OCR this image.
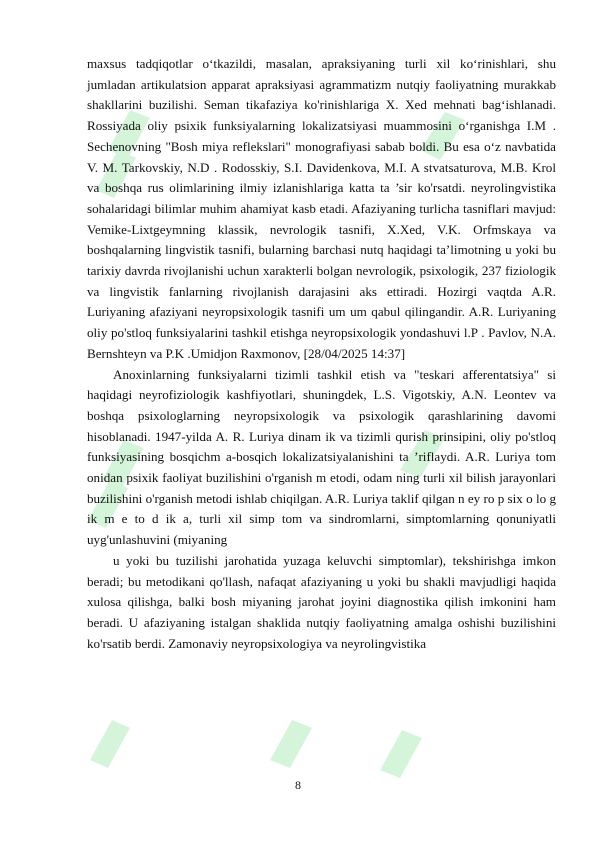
maxsus tadqiqotlar o‘tkazildi, masalan, apraksiyaning turli xil ko‘rinishlari, shu jumladan artikulatsion apparat apraksiyasi agrammatizm nutqiy faoliyatning murakkab shakllarini buzilishi. Seman tikafaziya ko'rinishlariga X. Xed mehnati bag‘ishlanadi. Rossiyada oliy psixik funksiyalarning lokalizatsiyasi muammosini o‘rganishga I.M . Sechenovning "Bosh miya reflekslari" monografiyasi sabab boldi. Bu esa o‘z navbatida V. M. Tarkovskiy, N.D . Rodosskiy, S.I. Davidenkova, M.I. A stvatsaturova, M.B. Krol va boshqa rus olimlarining ilmiy izlanishlariga katta ta ’sir ko'rsatdi. neyrolingvistika sohalaridagi bilimlar muhim ahamiyat kasb etadi. Afaziyaning turlicha tasniflari mavjud: Vemike-Lixtgeymning klassik, nevrologik tasnifi, X.Xed, V.K. Orfmskaya va boshqalarning lingvistik tasnifi, bularning barchasi nutq haqidagi ta’limotning u yoki bu tarixiy davrda rivojlanishi uchun xarakterli bolgan nevrologik, psixologik, 237 fiziologik va lingvistik fanlarning rivojlanish darajasini aks ettiradi. Hozirgi vaqtda A.R. Luriyaning afaziyani neyropsixologik tasnifi um um qabul qilingandir. A.R. Luriyaning oliy po'stloq funksiyalarini tashkil etishga neyropsixologik yondashuvi l.P . Pavlov, N.A. Bernshteyn va P.K .Umidjon Raxmonov, [28/04/2025 14:37]

Anoxinlarning funksiyalarni tizimli tashkil etish va "teskari afferentatsiya" si haqidagi neyrofiziologik kashfiyotlari, shuningdek, L.S. Vigotskiy, A.N. Leontev va boshqa psixologlarning neyropsixologik va psixologik qarashlarining davomi hisoblanadi. 1947-yilda A. R. Luriya dinam ik va tizimli qurish prinsipini, oliy po'stloq funksiyasining bosqichm a-bosqich lokalizatsiyalanishini ta ’riflaydi. A.R. Luriya tom onidan psixik faoliyat buzilishini o'rganish m etodi, odam ning turli xil bilish jarayonlari buzilishini o'rganish metodi ishlab chiqilgan. A.R. Luriya taklif qilgan n ey ro p six o lo g ik m e to d ik a, turli xil simp tom va sindromlarni, simptomlarning qonuniyatli uyg'unlashuvini (miyaning

u yoki bu tuzilishi jarohatida yuzaga keluvchi simptomlar), tekshirishga imkon beradi; bu metodikani qo'llash, nafaqat afaziyaning u yoki bu shakli mavjudligi haqida xulosa qilishga, balki bosh miyaning jarohat joyini diagnostika qilish imkonini ham beradi. U afaziyaning istalgan shaklida nutqiy faoliyatning amalga oshishi buzilishini ko'rsatib berdi. Zamonaviy neyropsixologiya va neyrolingvistika

8
